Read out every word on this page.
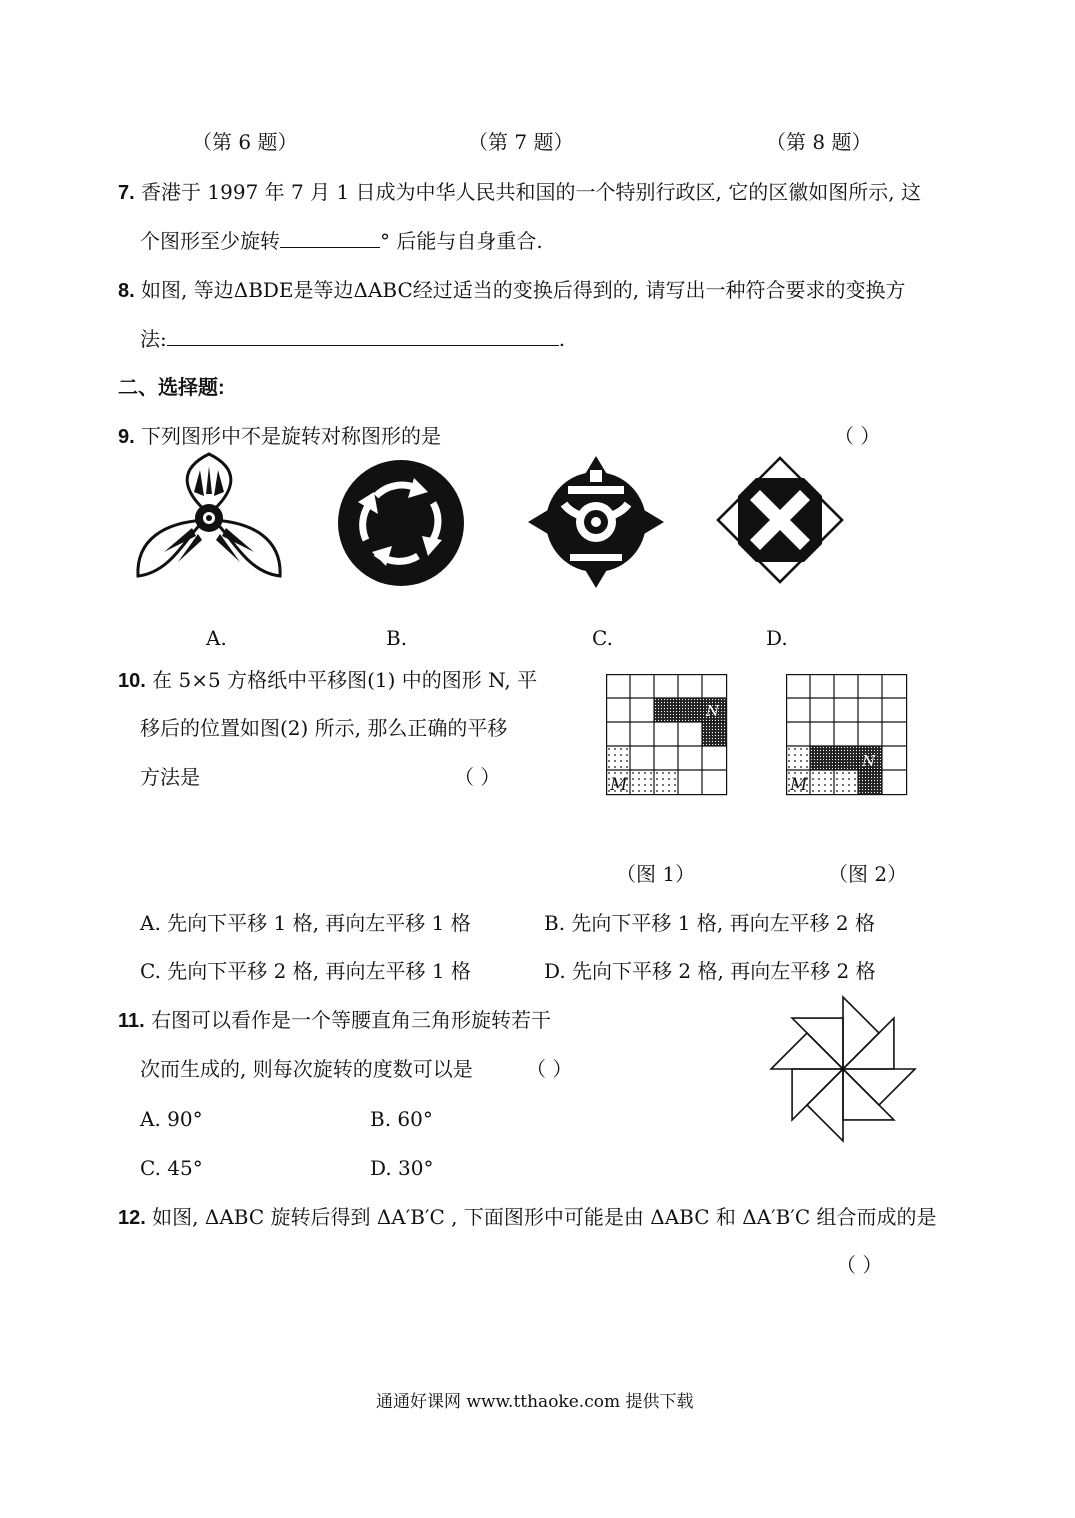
（第 6 题）	（第 7 题）	（第 8 题）
7. 香港于 1997 年 7 月 1 日成为中华人民共和国的一个特别行政区, 它的区徽如图所示, 这
个图形至少旋转	° 后能与自身重合.
8. 如图, 等边ΔBDE是等边ΔABC经过适当的变换后得到的, 请写出一种符合要求的变换方
法:	.
二、选择题:
9. 下列图形中不是旋转对称图形的是	（ ）
A.	B.	C.	D.
10. 在 5×5 方格纸中平移图(1) 中的图形 N, 平
移后的位置如图(2) 所示, 那么正确的平移
方法是	（ ）	M
N
M
N
（图 1）	（图 2）
A. 先向下平移 1 格, 再向左平移 1 格	B. 先向下平移 1 格, 再向左平移 2 格
C. 先向下平移 2 格, 再向左平移 1 格	D. 先向下平移 2 格, 再向左平移 2 格
11. 右图可以看作是一个等腰直角三角形旋转若干
次而生成的, 则每次旋转的度数可以是	（ ）
A. 90°	B. 60°
C. 45°	D. 30°
12. 如图, ΔABC 旋转后得到 ΔA′B′C , 下面图形中可能是由 ΔABC 和 ΔA′B′C 组合而成的是
（ ）
通通好课网 www.tthaoke.com 提供下载
